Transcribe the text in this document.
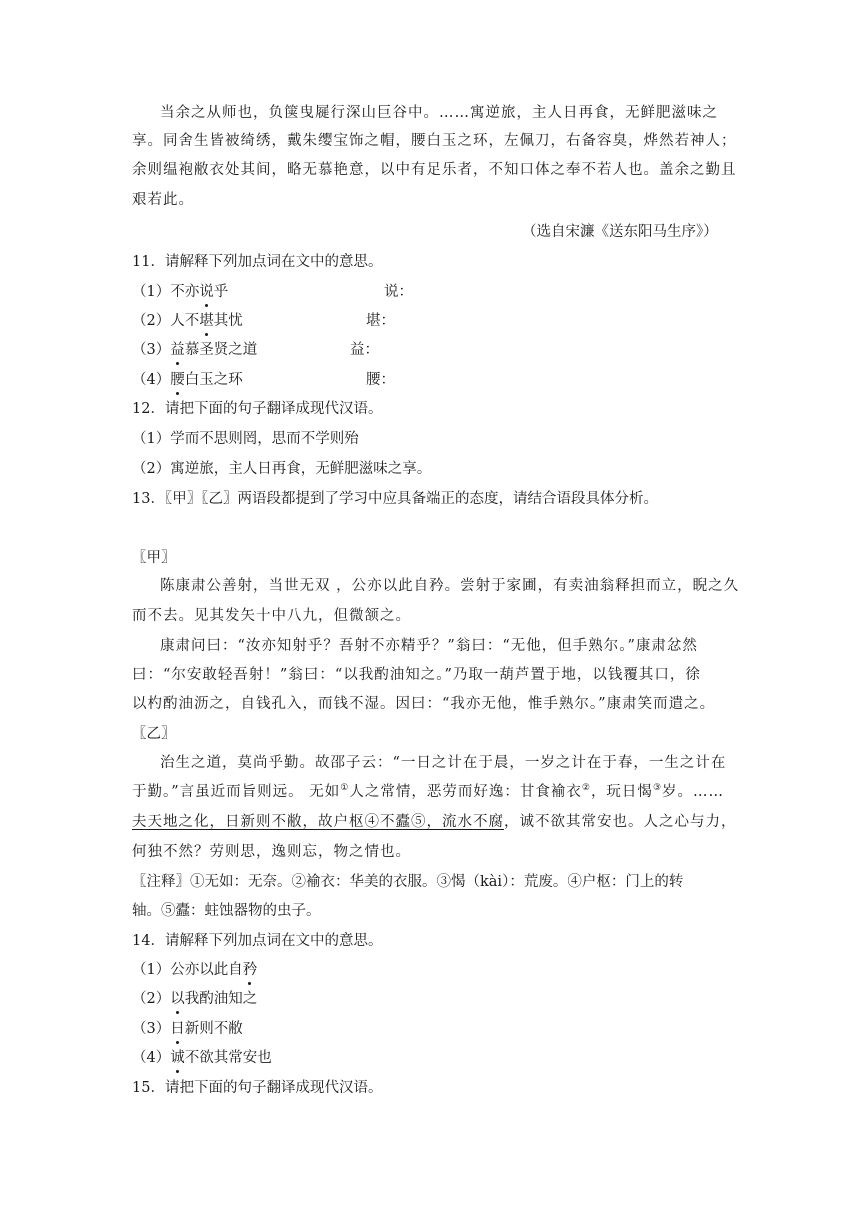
当余之从师也，负箧曳屣行深山巨谷中。……寓逆旅，主人日再食，无鲜肥滋味之
享。同舍生皆被绮绣，戴朱缨宝饰之帽，腰白玉之环，左佩刀，右备容臭，烨然若神人；
余则缊袍敝衣处其间，略无慕艳意，以中有足乐者，不知口体之奉不若人也。盖余之勤且
艰若此。
（选自宋濂《送东阳马生序》）
11．请解释下列加点词在文中的意思。
（1）不亦说乎	说：
（2）人不堪其忧	堪：
（3）益慕圣贤之道	益：
（4）腰白玉之环	腰：
12．请把下面的句子翻译成现代汉语。
（1）学而不思则罔，思而不学则殆
（2）寓逆旅，主人日再食，无鲜肥滋味之享。
13．〖甲〗〖乙〗两语段都提到了学习中应具备端正的态度，请结合语段具体分析。
〖甲〗
陈康肃公善射，当世无双 ，公亦以此自矜。尝射于家圃，有卖油翁释担而立，睨之久
而不去。见其发矢十中八九，但微颔之。
康肃问曰：“汝亦知射乎？吾射不亦精乎？”翁曰：“无他，但手熟尔。”康肃忿然
曰：“尔安敢轻吾射！”翁曰：“以我酌油知之。”乃取一葫芦置于地，以钱覆其口，徐
以杓酌油沥之，自钱孔入，而钱不湿。因曰：“我亦无他，惟手熟尔。”康肃笑而遣之。
〖乙〗
治生之道，莫尚乎勤。故邵子云：“一日之计在于晨，一岁之计在于春，一生之计在
于勤。”言虽近而旨则远。 无如①人之常情，恶劳而好逸：甘食褕衣②，玩日愒③岁。……
夫天地之化，日新则不敝，故户枢④不蠹⑤，流水不腐，诚不欲其常安也。人之心与力，
何独不然？劳则思，逸则忘，物之情也。
〖注释〗①无如：无奈。②褕衣：华美的衣服。③愒（kài）：荒废。④户枢：门上的转
轴。⑤蠹：蛀蚀器物的虫子。
14．请解释下列加点词在文中的意思。
（1）公亦以此自矜
（2）以我酌油知之
（3）日新则不敝
（4）诚不欲其常安也
15．请把下面的句子翻译成现代汉语。
